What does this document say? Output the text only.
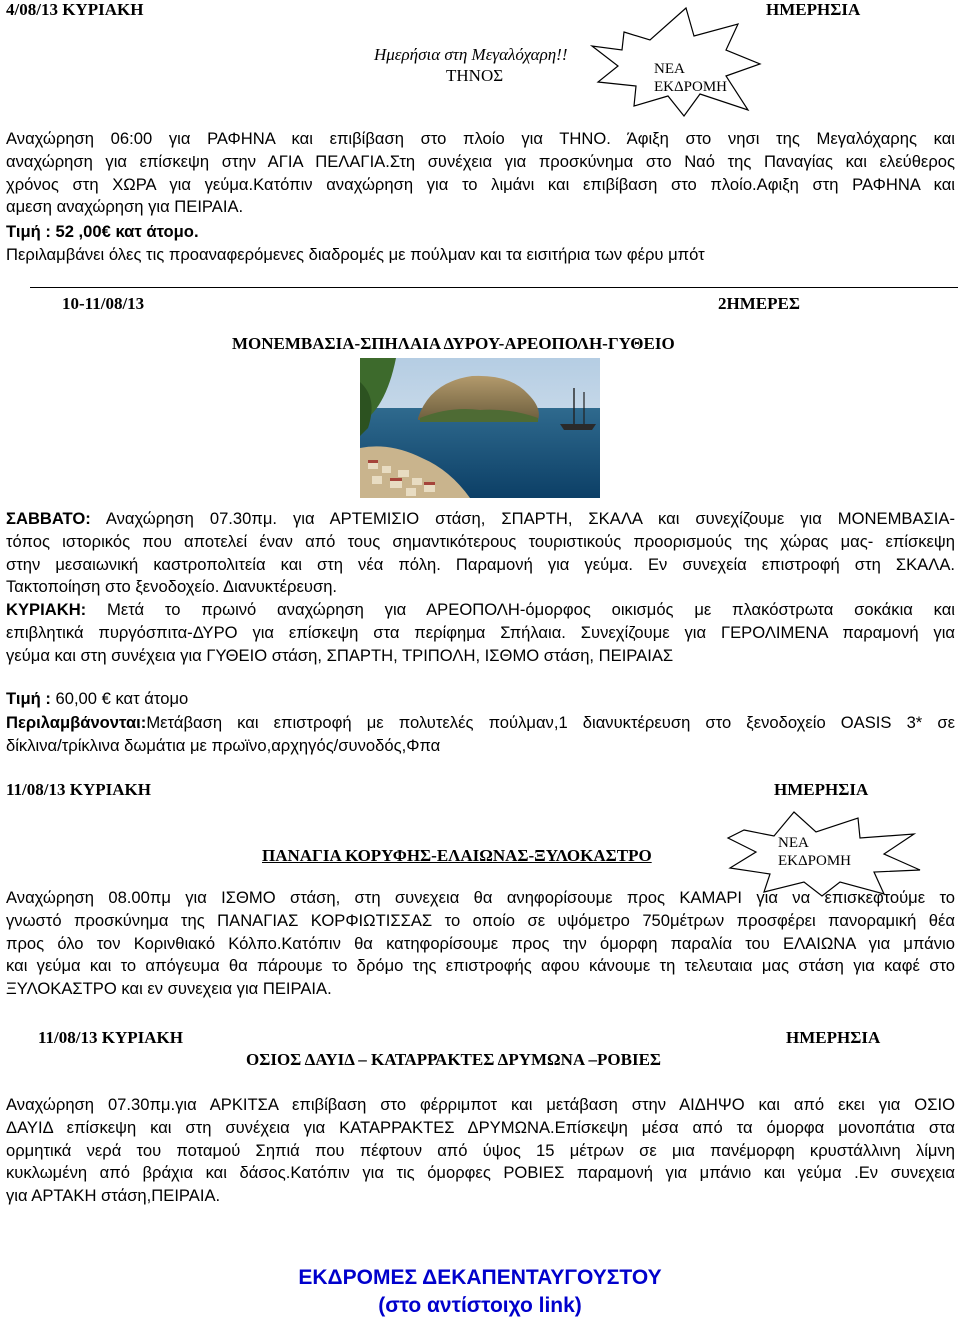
4/08/13 ΚΥΡΙΑΚΗ	ΗΜΕΡΗΣΙΑ
Ημερήσια στη Μεγαλόχαρη!!
ΤΗΝΟΣ	ΝΕΑ
ΕΚΔΡΟΜΗ
Αναχώρηση 06:00 για ΡΑΦΗΝΑ και επιβίβαση στο πλοίο για ΤΗΝΟ. Άφιξη στο νησι της Μεγαλόχαρης και
αναχώρηση για επίσκεψη στην ΑΓΙΑ ΠΕΛΑΓΙΑ.Στη συνέχεια για προσκύνημα στο Ναό της Παναγίας και ελεύθερος
χρόνος στη ΧΩΡΑ για γεύμα.Κατόπιν αναχώρηση για το λιμάνι και επιβίβαση στο πλοίο.Αφιξη στη ΡΑΦΗΝΑ και
αμεση αναχώρηση για ΠΕΙΡΑΙΑ.
Τιμή : 52 ,00€ κατ άτομο.
Περιλαμβάνει όλες τις προαναφερόμενες διαδρομές με πούλμαν και τα εισιτήρια των φέρυ μπότ
10-11/08/13	2ΗΜΕΡΕΣ
ΜΟΝΕΜΒΑΣΙΑ-ΣΠΗΛΑΙΑ ΔΥΡΟΥ-ΑΡΕΟΠΟΛΗ-ΓΥΘΕΙΟ
ΣΑΒΒΑΤΟ: Αναχώρηση 07.30πμ. για ΑΡΤΕΜΙΣΙΟ στάση, ΣΠΑΡΤΗ, ΣΚΑΛΑ και συνεχίζουμε για ΜΟΝΕΜΒΑΣΙΑ-
τόπος ιστορικός που αποτελεί έναν από τους σημαντικότερους τουριστικούς προορισμούς της χώρας μας- επίσκεψη
στην μεσαιωνική καστροπολιτεία και στη νέα πόλη. Παραμονή για γεύμα. Εν συνεχεία επιστροφή στη ΣΚΑΛΑ.
Τακτοποίηση στο ξενοδοχείο. Διανυκτέρευση.
ΚΥΡΙΑΚΗ: Μετά το πρωινό αναχώρηση για ΑΡΕΟΠΟΛΗ-όμορφος οικισμός με πλακόστρωτα σοκάκια και
επιβλητικά πυργόσπιτα-ΔΥΡΟ για επίσκεψη στα περίφημα Σπήλαια. Συνεχίζουμε για ΓΕΡΟΛΙΜΕΝΑ παραμονή για
γεύμα και στη συνέχεια για ΓΥΘΕΙΟ στάση, ΣΠΑΡΤΗ, ΤΡΙΠΟΛΗ, ΙΣΘΜΟ στάση, ΠΕΙΡΑΙΑΣ
Τιμή : 60,00 € κατ άτομο
Περιλαμβάνονται:Μετάβαση και επιστροφή με πολυτελές πούλμαν,1 διανυκτέρευση στο ξενοδοχείο OASIS 3* σε
δίκλινα/τρίκλινα δωμάτια με πρωϊνο,αρχηγός/συνοδός,Φπα
11/08/13 ΚΥΡΙΑΚΗ	ΗΜΕΡΗΣΙΑ
ΠΑΝΑΓΙΑ ΚΟΡΥΦΗΣ-ΕΛΑΙΩΝΑΣ-ΞΥΛΟΚΑΣΤΡΟ
ΝΕΑ
ΕΚΔΡΟΜΗ
Αναχώρηση 08.00πμ για ΙΣΘΜΟ στάση, στη συνεχεια θα ανηφορίσουμε προς ΚΑΜΑΡΙ για να επισκεφτούμε το
γνωστό προσκύνημα της ΠΑΝΑΓΙΑΣ ΚΟΡΦΙΩΤΙΣΣΑΣ το οποίο σε υψόμετρο 750μέτρων προσφέρει πανοραμική θέα
προς όλο τον Κορινθιακό Κόλπο.Κατόπιν θα κατηφορίσουμε προς την όμορφη παραλία του ΕΛΑΙΩΝΑ για μπάνιο
και γεύμα και το απόγευμα θα πάρουμε το δρόμο της επιστροφής αφου κάνουμε τη τελευταια μας στάση για καφέ στο
ΞΥΛΟΚΑΣΤΡΟ και εν συνεχεια για ΠΕΙΡΑΙΑ.
11/08/13 ΚΥΡΙΑΚΗ	ΗΜΕΡΗΣΙΑ
ΟΣΙΟΣ ΔΑΥΙΔ – ΚΑΤΑΡΡΑΚΤΕΣ ΔΡΥΜΩΝΑ –ΡΟΒΙΕΣ
Αναχώρηση 07.30πμ.για ΑΡΚΙΤΣΑ επιβίβαση στο φέρριμποτ και μετάβαση στην ΑΙΔΗΨΟ και από εκει για ΟΣΙΟ
ΔΑΥΙΔ επίσκεψη και στη συνέχεια για ΚΑΤΑΡΡΑΚΤΕΣ ΔΡΥΜΩΝΑ.Επίσκεψη μέσα από τα όμορφα μονοπάτια στα
ορμητικά νερά του ποταμού Σηπιά που πέφτουν από ύψος 15 μέτρων σε μια πανέμορφη κρυστάλλινη λίμνη
κυκλωμένη από βράχια και δάσος.Κατόπιν για τις όμορφες ΡΟΒΙΕΣ παραμονή για μπάνιο και γεύμα .Εν συνεχεια
για ΑΡΤΑΚΗ στάση,ΠΕΙΡΑΙΑ.
ΕΚΔΡΟΜΕΣ ΔΕΚΑΠΕΝΤΑΥΓΟΥΣΤΟΥ
(στο αντίστοιχο link)
